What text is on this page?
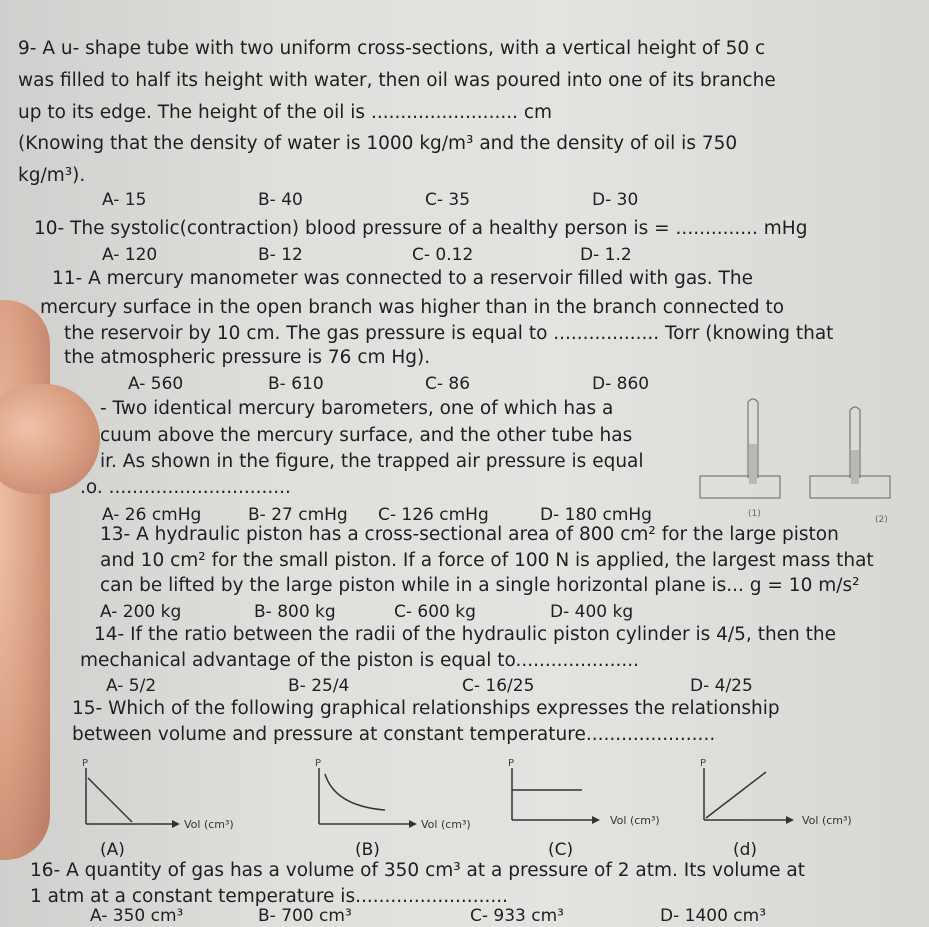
9- A u- shape tube with two uniform cross-sections, with a vertical height of 50 c
was filled to half its height with water, then oil was poured into one of its branche
up to its edge. The height of the oil is ......................... cm
(Knowing that the density of water is 1000 kg/m³ and the density of oil is 750
kg/m³).
A- 15	B- 40	C- 35	D- 30
10- The systolic(contraction) blood pressure of a healthy person is = .............. mHg
A- 120	B- 12	C- 0.12	D- 1.2
11- A mercury manometer was connected to a reservoir filled with gas. The
mercury surface in the open branch was higher than in the branch connected to
the reservoir by 10 cm. The gas pressure is equal to .................. Torr (knowing that
the atmospheric pressure is 76 cm Hg).
A- 560	B- 610	C- 86	D- 860
- Two identical mercury barometers, one of which has a
cuum above the mercury surface, and the other tube has
ir. As shown in the figure, the trapped air pressure is equal
.o. ...............................
A- 26 cmHg	B- 27 cmHg C- 126 cmHg	D- 180 cmHg	(1)
(2)
13- A hydraulic piston has a cross-sectional area of 800 cm² for the large piston
and 10 cm² for the small piston. If a force of 100 N is applied, the largest mass that
can be lifted by the large piston while in a single horizontal plane is... g = 10 m/s²
A- 200 kg	B- 800 kg	C- 600 kg	D- 400 kg
14- If the ratio between the radii of the hydraulic piston cylinder is 4/5, then the
mechanical advantage of the piston is equal to.....................
A- 5/2	B- 25/4	C- 16/25	D- 4/25
15- Which of the following graphical relationships expresses the relationship
between volume and pressure at constant temperature......................
P
Vol (cm³)
P
Vol (cm³)
P
Vol (cm³)
P
Vol (cm³)
(A)	(B)	(C)	(d)
16- A quantity of gas has a volume of 350 cm³ at a pressure of 2 atm. Its volume at
1 atm at a constant temperature is..........................
A- 350 cm³	B- 700 cm³	C- 933 cm³	D- 1400 cm³
